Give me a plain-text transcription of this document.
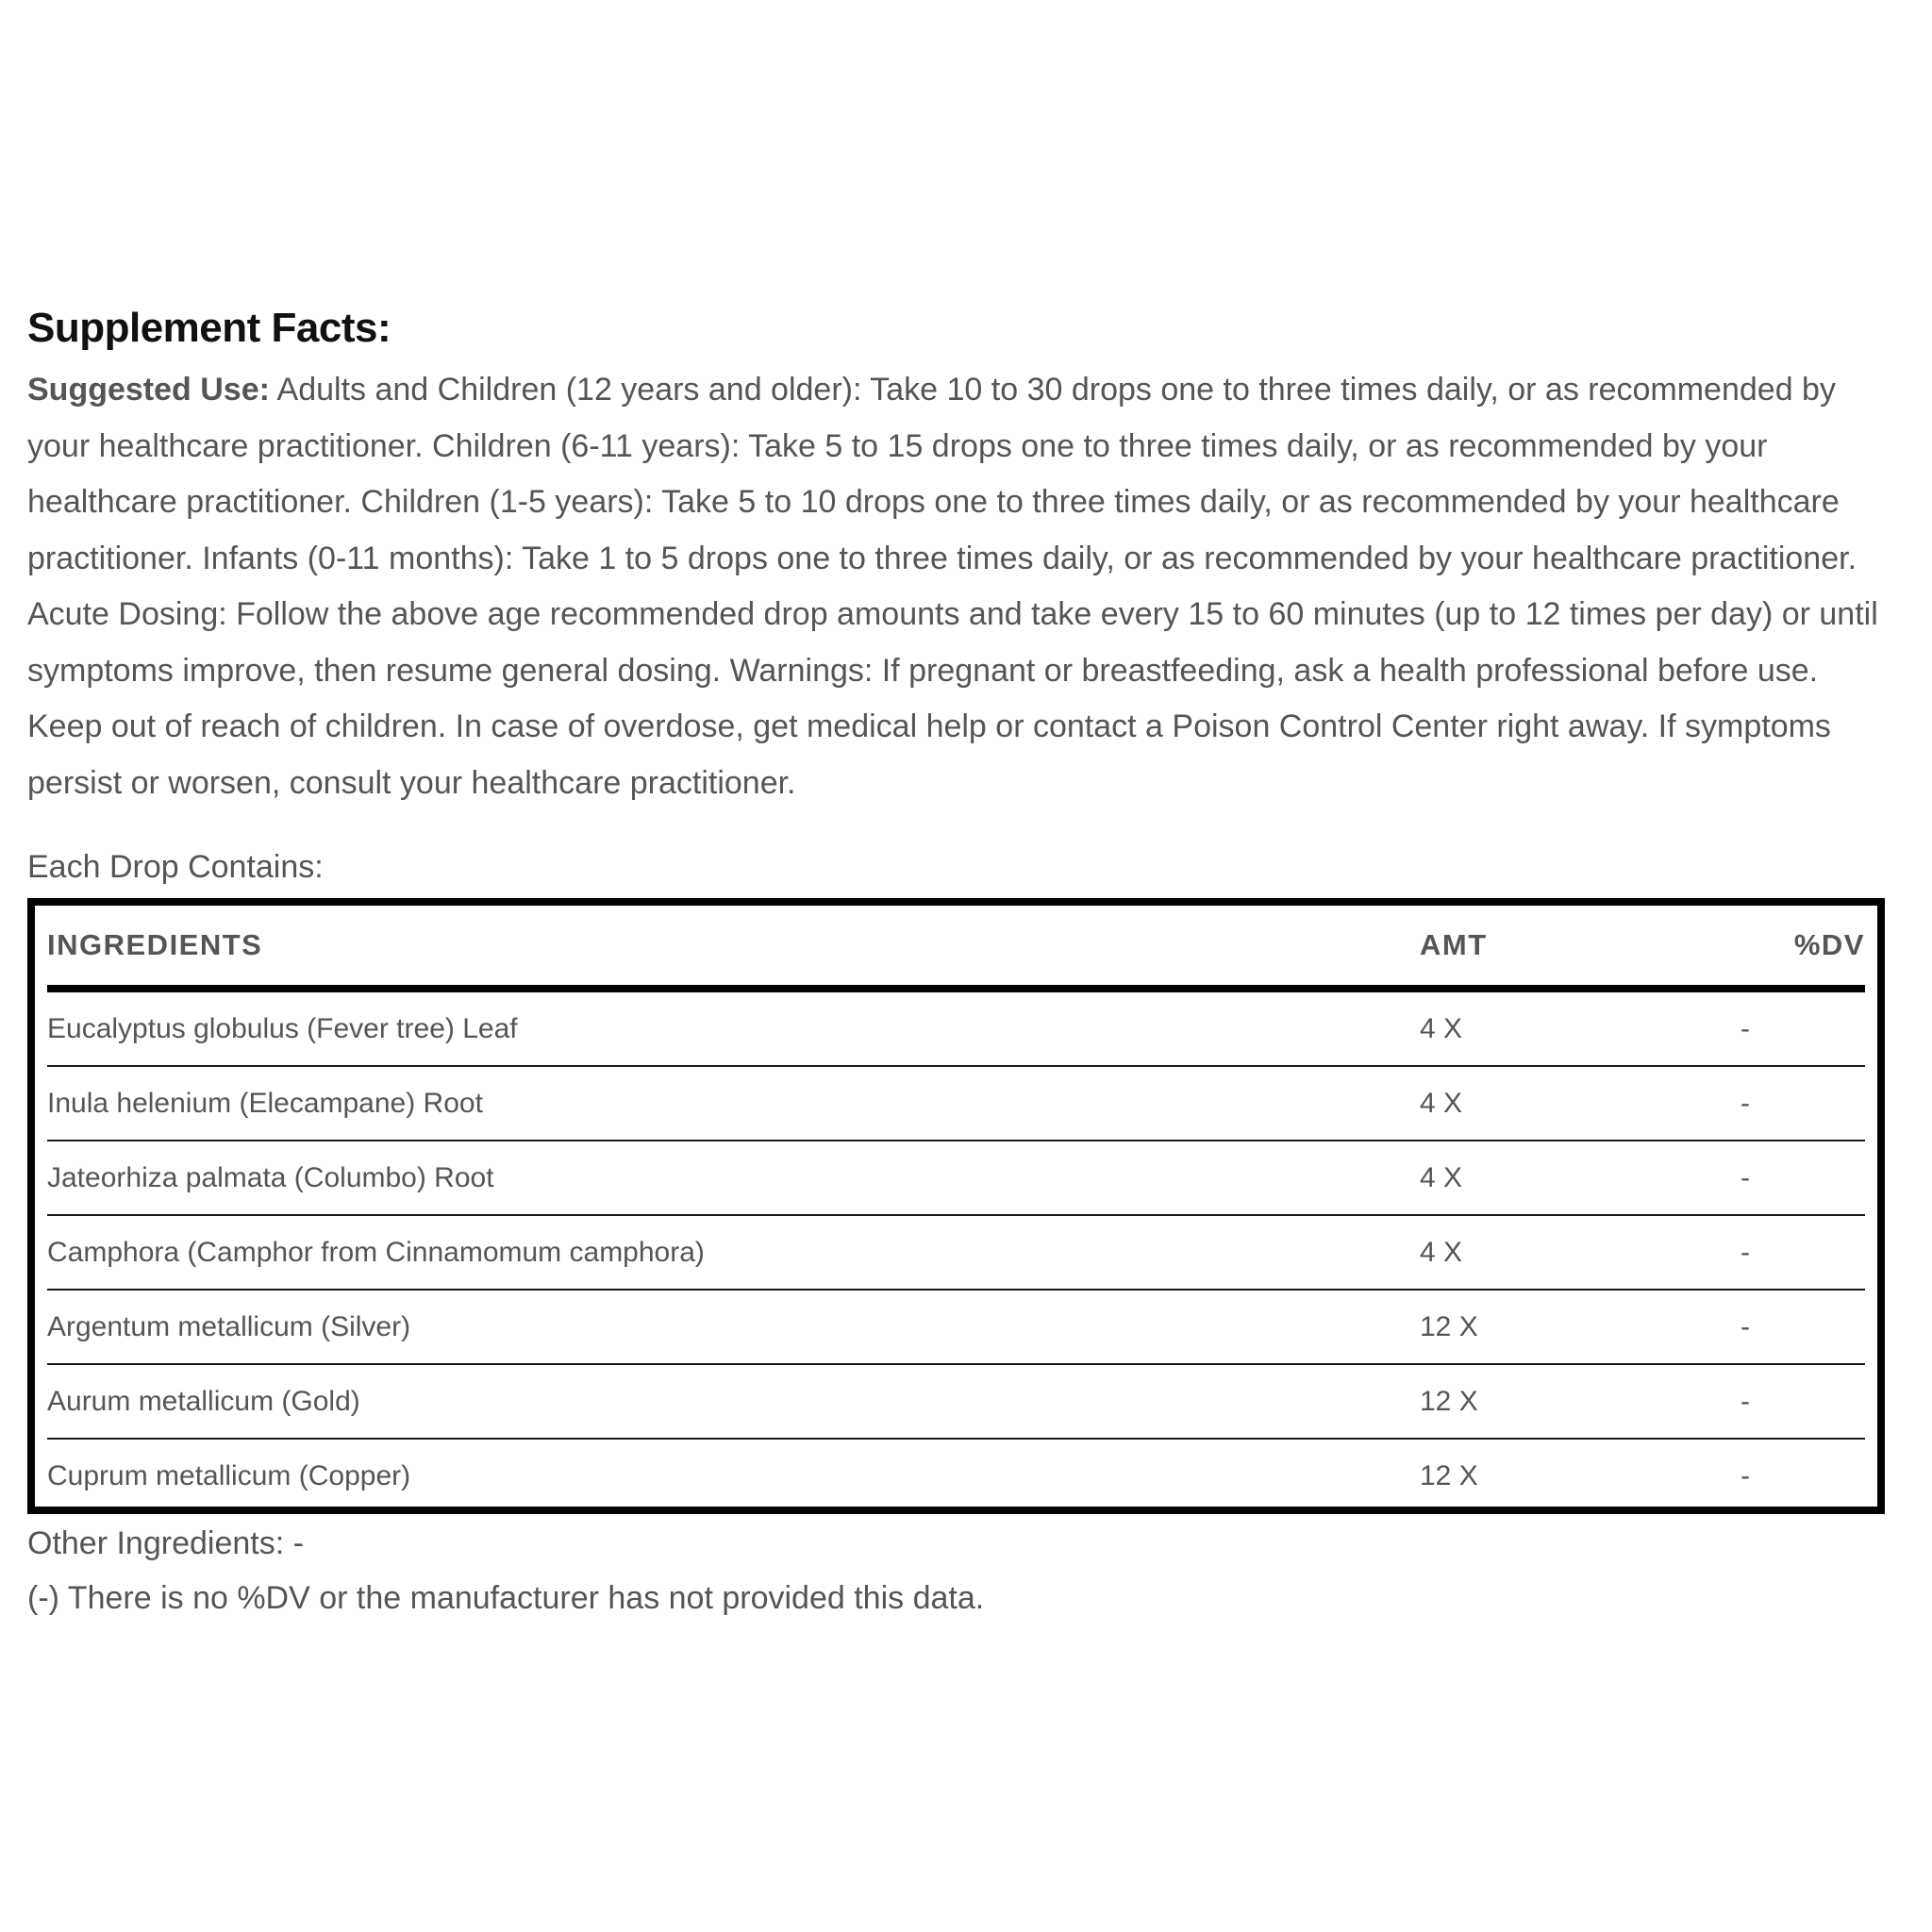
Supplement Facts:

Suggested Use: Adults and Children (12 years and older): Take 10 to 30 drops one to three times daily, or as recommended by your healthcare practitioner. Children (6-11 years): Take 5 to 15 drops one to three times daily, or as recommended by your healthcare practitioner. Children (1-5 years): Take 5 to 10 drops one to three times daily, or as recommended by your healthcare practitioner. Infants (0-11 months): Take 1 to 5 drops one to three times daily, or as recommended by your healthcare practitioner. Acute Dosing: Follow the above age recommended drop amounts and take every 15 to 60 minutes (up to 12 times per day) or until symptoms improve, then resume general dosing. Warnings: If pregnant or breastfeeding, ask a health professional before use. Keep out of reach of children. In case of overdose, get medical help or contact a Poison Control Center right away. If symptoms persist or worsen, consult your healthcare practitioner.

Each Drop Contains:

INGREDIENTS	AMT	%DV
Eucalyptus globulus (Fever tree) Leaf	4 X	-
Inula helenium (Elecampane) Root	4 X	-
Jateorhiza palmata (Columbo) Root	4 X	-
Camphora (Camphor from Cinnamomum camphora)	4 X	-
Argentum metallicum (Silver)	12 X	-
Aurum metallicum (Gold)	12 X	-
Cuprum metallicum (Copper)	12 X	-

Other Ingredients: -

(-) There is no %DV or the manufacturer has not provided this data.
